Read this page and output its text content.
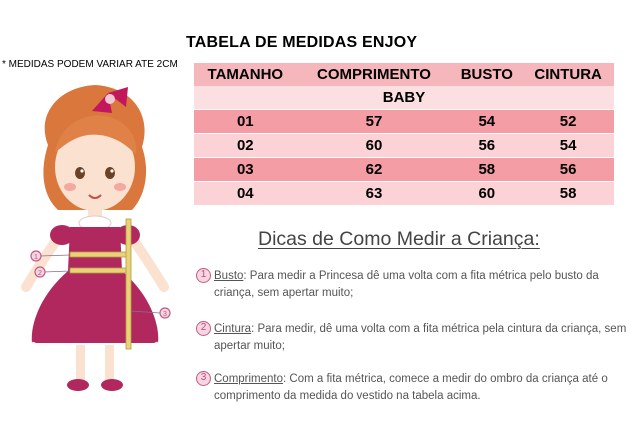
TABELA DE MEDIDAS ENJOY
* MEDIDAS PODEM VARIAR ATE 2CM
TAMANHO	COMPRIMENTO	BUSTO	CINTURA
BABY			

01	57	54	52

02	60	56	54

03	62	58	56

04	63	60	58
1
2
3
Dicas de Como Medir a Criança:
1 Busto: Para medir a Princesa dê uma volta com a fita métrica pelo busto da criança, sem apertar muito;
2 Cintura: Para medir, dê uma volta com a fita métrica pela cintura da criança, sem apertar muito;
3 Comprimento: Com a fita métrica, comece a medir do ombro da criança até o comprimento da medida do vestido na tabela acima.
